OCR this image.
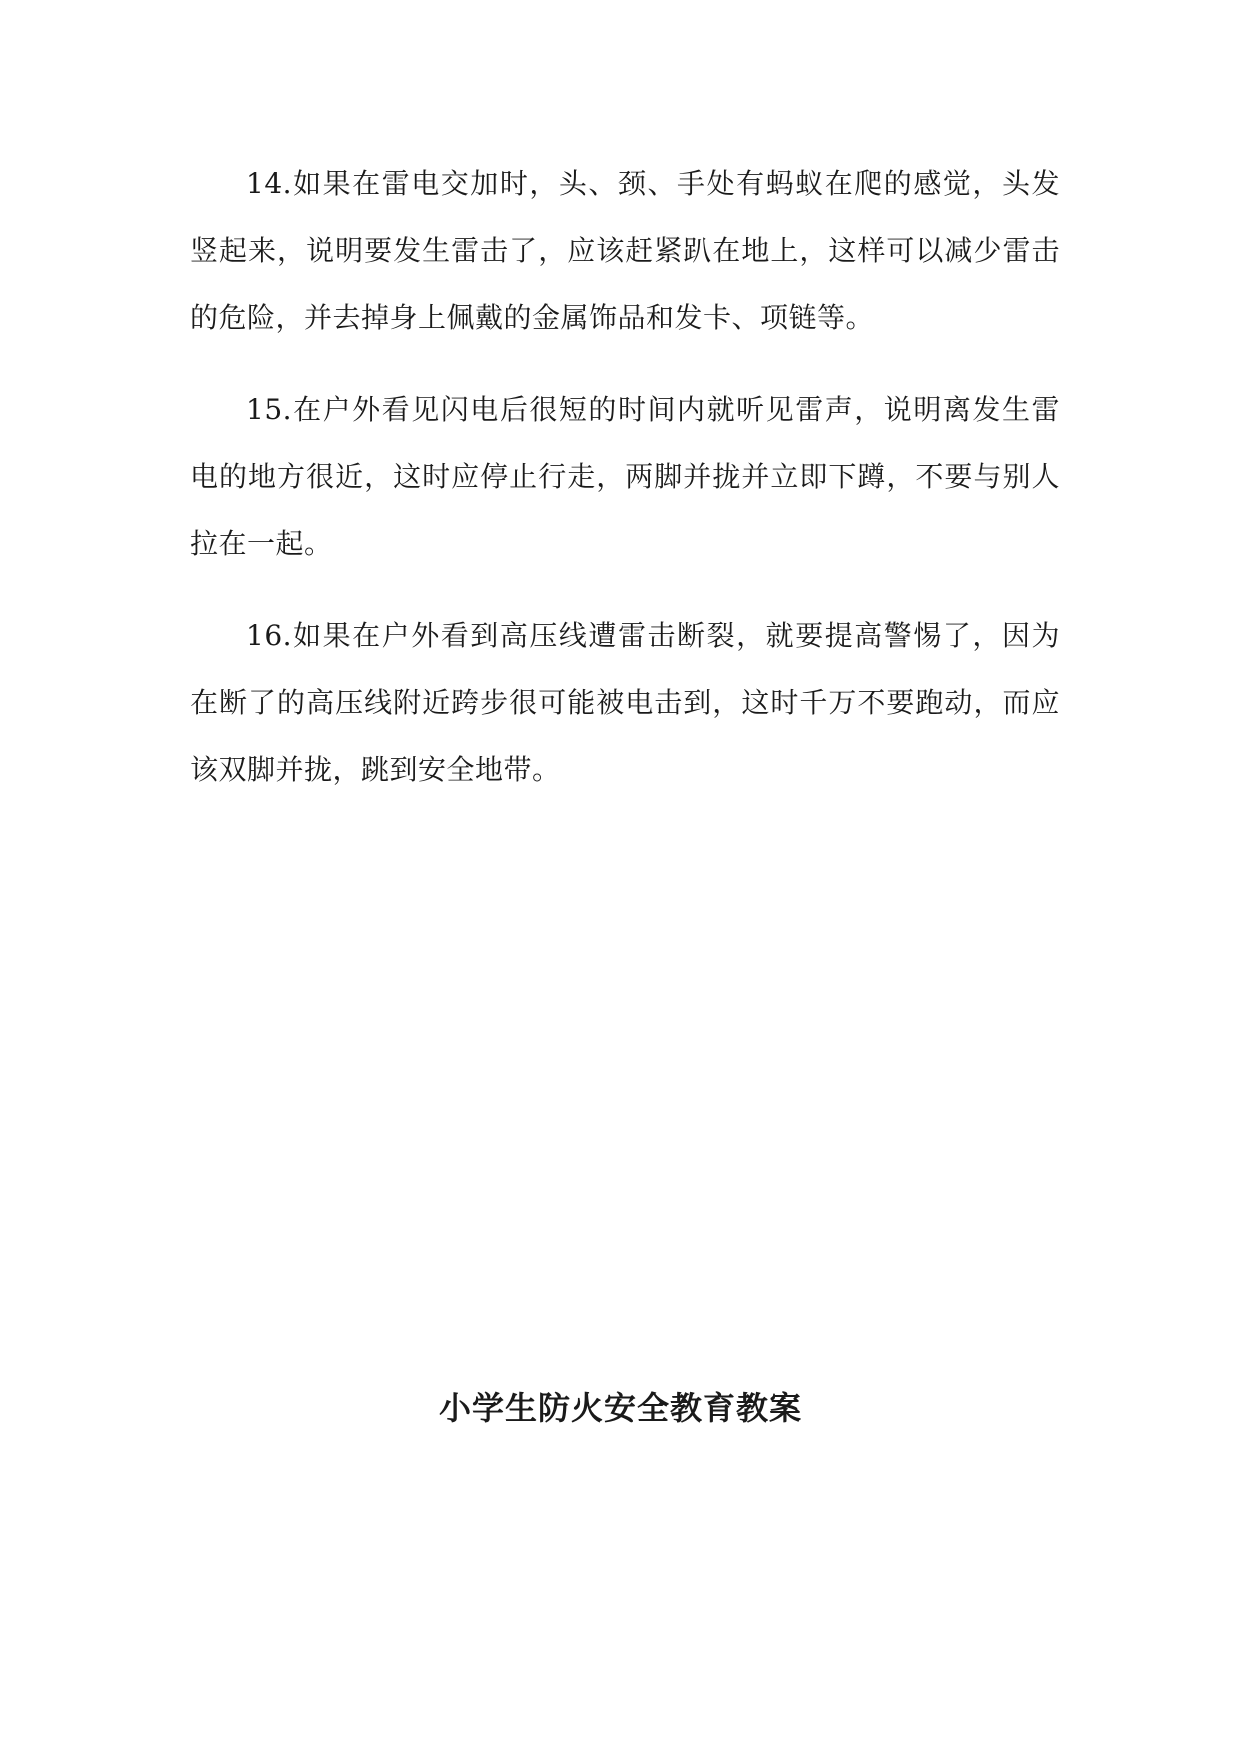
14.如果在雷电交加时，头、颈、手处有蚂蚁在爬的感觉，头发竖起来，说明要发生雷击了，应该赶紧趴在地上，这样可以减少雷击的危险，并去掉身上佩戴的金属饰品和发卡、项链等。

15.在户外看见闪电后很短的时间内就听见雷声，说明离发生雷电的地方很近，这时应停止行走，两脚并拢并立即下蹲，不要与别人拉在一起。

16.如果在户外看到高压线遭雷击断裂，就要提高警惕了，因为在断了的高压线附近跨步很可能被电击到，这时千万不要跑动，而应该双脚并拢，跳到安全地带。

小学生防火安全教育教案
